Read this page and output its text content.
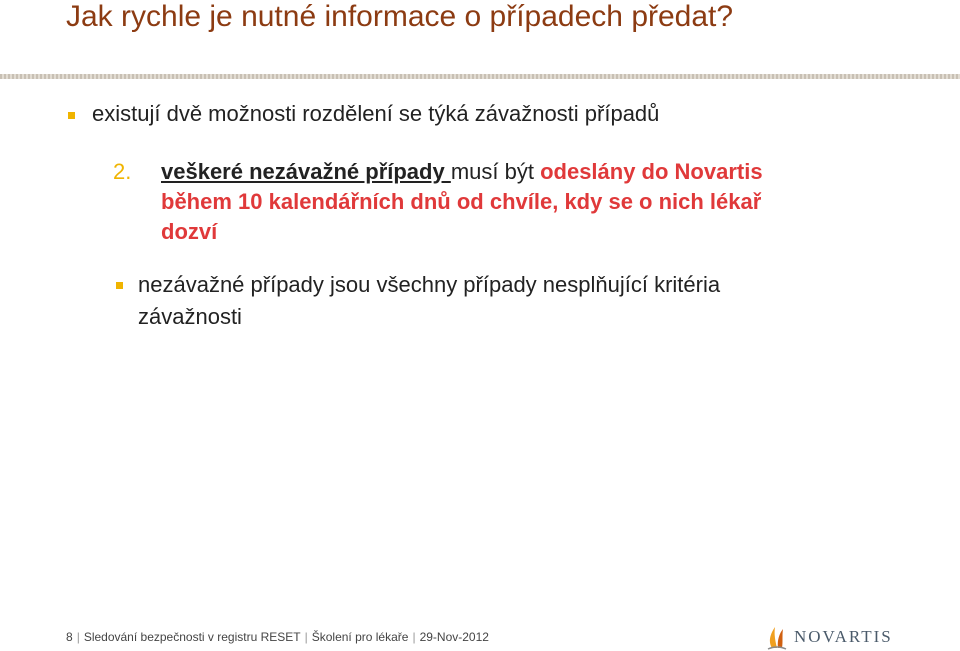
Jak rychle je nutné informace o případech předat?
existují dvě možnosti rozdělení se týká závažnosti případů
2. veškeré nezávažné případy musí být odeslány do Novartis
během 10 kalendářních dnů od chvíle, kdy se o nich lékař
dozví
nezávažné případy jsou všechny případy nesplňující kritéria
závažnosti
8 | Sledování bezpečnosti v registru RESET | Školení pro lékaře | 29-Nov-2012	NOVARTIS
